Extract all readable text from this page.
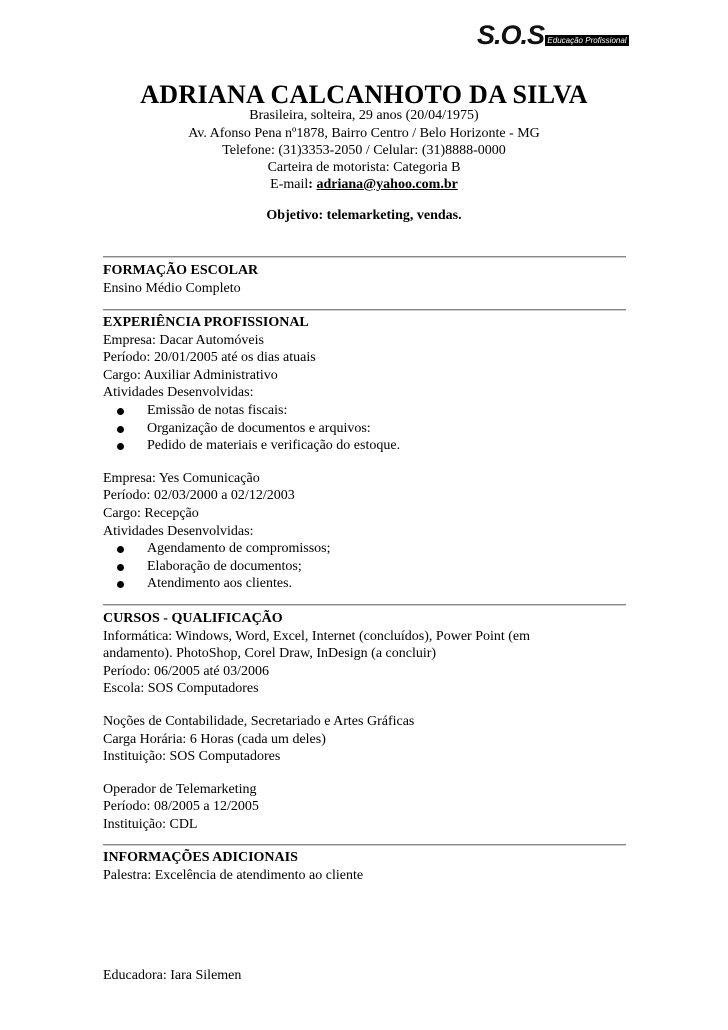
S.O.S Educação Profissional
ADRIANA CALCANHOTO DA SILVA
Brasileira, solteira, 29 anos (20/04/1975)
Av. Afonso Pena nº1878, Bairro Centro / Belo Horizonte - MG
Telefone: (31)3353-2050 / Celular: (31)8888-0000
Carteira de motorista: Categoria B
E-mail: adriana@yahoo.com.br
Objetivo: telemarketing, vendas.
FORMAÇÃO ESCOLAR
Ensino Médio Completo
EXPERIÊNCIA PROFISSIONAL
Empresa: Dacar Automóveis
Período: 20/01/2005 até os dias atuais
Cargo: Auxiliar Administrativo
Atividades Desenvolvidas:
Emissão de notas fiscais:
Organização de documentos e arquivos:
Pedido de materiais e verificação do estoque.
Empresa: Yes Comunicação
Período: 02/03/2000 a 02/12/2003
Cargo: Recepção
Atividades Desenvolvidas:
Agendamento de compromissos;
Elaboração de documentos;
Atendimento aos clientes.
CURSOS - QUALIFICAÇÃO
Informática: Windows, Word, Excel, Internet (concluídos), Power Point (em
andamento). PhotoShop, Corel Draw, InDesign (a concluir)
Período: 06/2005 até 03/2006
Escola: SOS Computadores
Noções de Contabilidade, Secretariado e Artes Gráficas
Carga Horária: 6 Horas (cada um deles)
Instituição: SOS Computadores
Operador de Telemarketing
Período: 08/2005 a 12/2005
Instituição: CDL
INFORMAÇÕES ADICIONAIS
Palestra: Excelência de atendimento ao cliente
Educadora: Iara Silemen
